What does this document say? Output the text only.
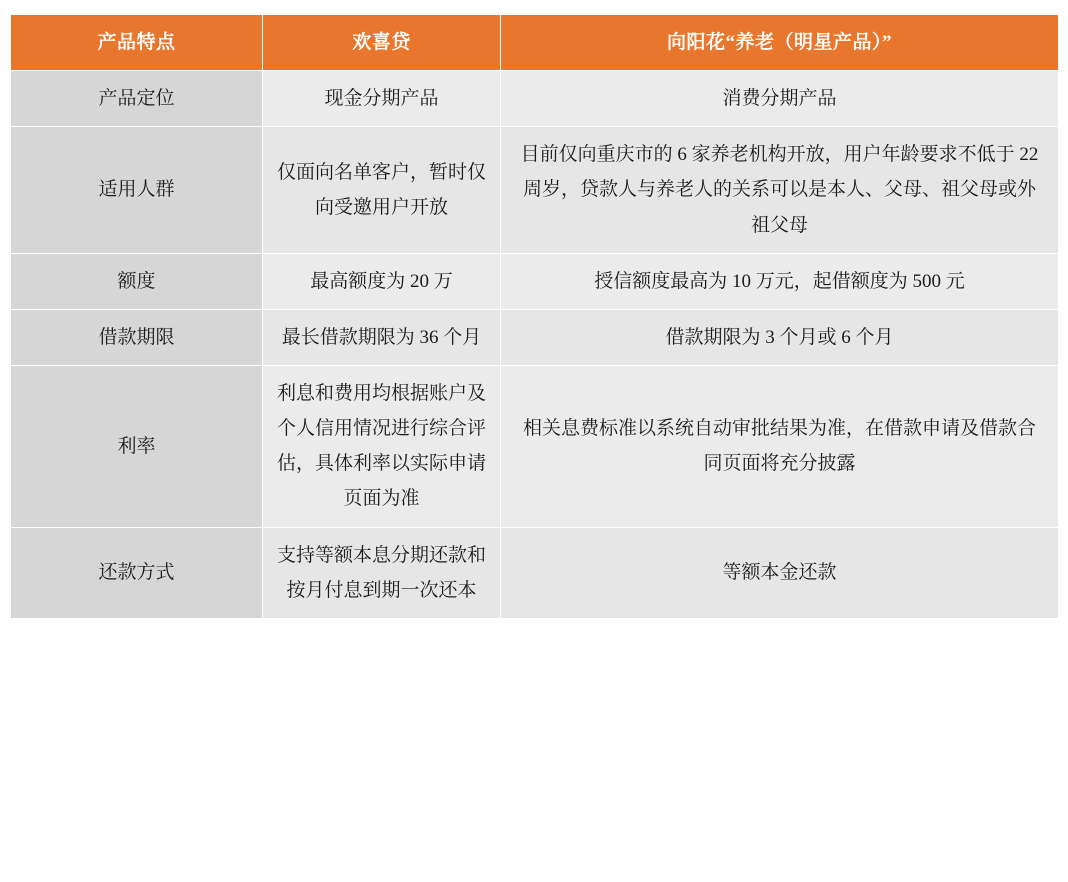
产品特点	欢喜贷	向阳花“养老（明星产品）”
产品定位	现金分期产品	消费分期产品
适用人群	仅面向名单客户，暂时仅向受邀用户开放	目前仅向重庆市的 6 家养老机构开放，用户年龄要求不低于 22 周岁，贷款人与养老人的关系可以是本人、父母、祖父母或外祖父母
额度	最高额度为 20 万	授信额度最高为 10 万元，起借额度为 500 元
借款期限	最长借款期限为 36 个月	借款期限为 3 个月或 6 个月
利率	利息和费用均根据账户及个人信用情况进行综合评估，具体利率以实际申请页面为准	相关息费标准以系统自动审批结果为准，在借款申请及借款合同页面将充分披露
还款方式	支持等额本息分期还款和按月付息到期一次还本	等额本金还款
